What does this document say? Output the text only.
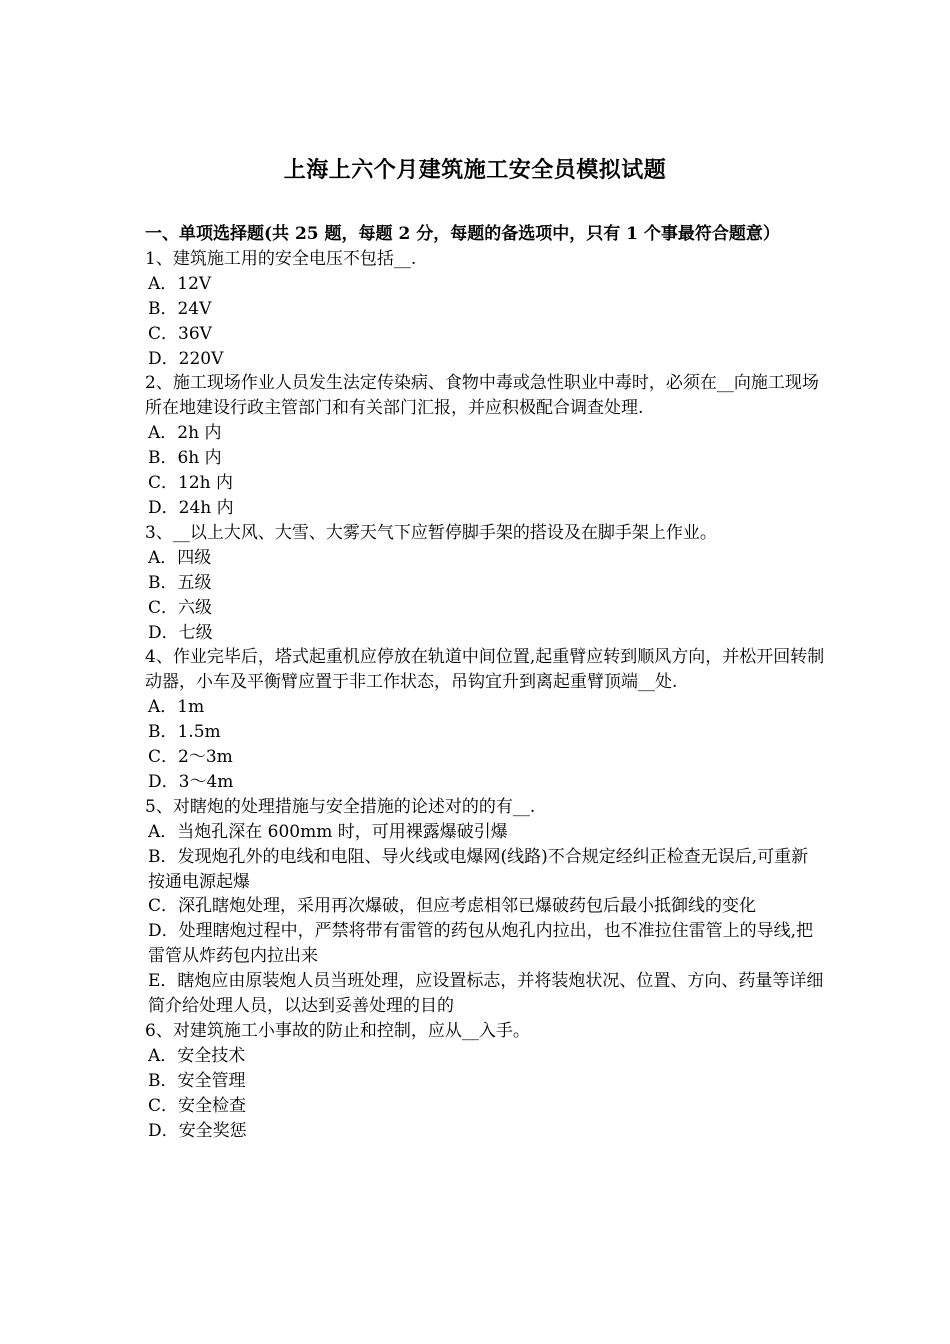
上海上六个月建筑施工安全员模拟试题

一、单项选择题(共 25 题，每题 2 分，每题的备选项中，只有 1 个事最符合题意）

1、建筑施工用的安全电压不包括__.

A．12V

B．24V

C．36V

D．220V

2、施工现场作业人员发生法定传染病、食物中毒或急性职业中毒时，必须在__向施工现场所在地建设行政主管部门和有关部门汇报，并应积极配合调查处理.

A．2h 内

B．6h 内

C．12h 内

D．24h 内

3、__以上大风、大雪、大雾天气下应暂停脚手架的搭设及在脚手架上作业。

A．四级

B．五级

C．六级

D．七级

4、作业完毕后，塔式起重机应停放在轨道中间位置,起重臂应转到顺风方向，并松开回转制动器，小车及平衡臂应置于非工作状态，吊钩宜升到离起重臂顶端__处.

A．1m

B．1.5m

C．2～3m

D．3～4m

5、对瞎炮的处理措施与安全措施的论述对的的有__.

A．当炮孔深在 600mm 时，可用裸露爆破引爆

B．发现炮孔外的电线和电阻、导火线或电爆网(线路)不合规定经纠正检查无误后,可重新按通电源起爆

C．深孔瞎炮处理，采用再次爆破，但应考虑相邻已爆破药包后最小抵御线的变化

D．处理瞎炮过程中，严禁将带有雷管的药包从炮孔内拉出，也不准拉住雷管上的导线,把雷管从炸药包内拉出来

E．瞎炮应由原装炮人员当班处理，应设置标志，并将装炮状况、位置、方向、药量等详细简介给处理人员，以达到妥善处理的目的

6、对建筑施工小事故的防止和控制，应从__入手。

A．安全技术

B．安全管理

C．安全检查

D．安全奖惩
